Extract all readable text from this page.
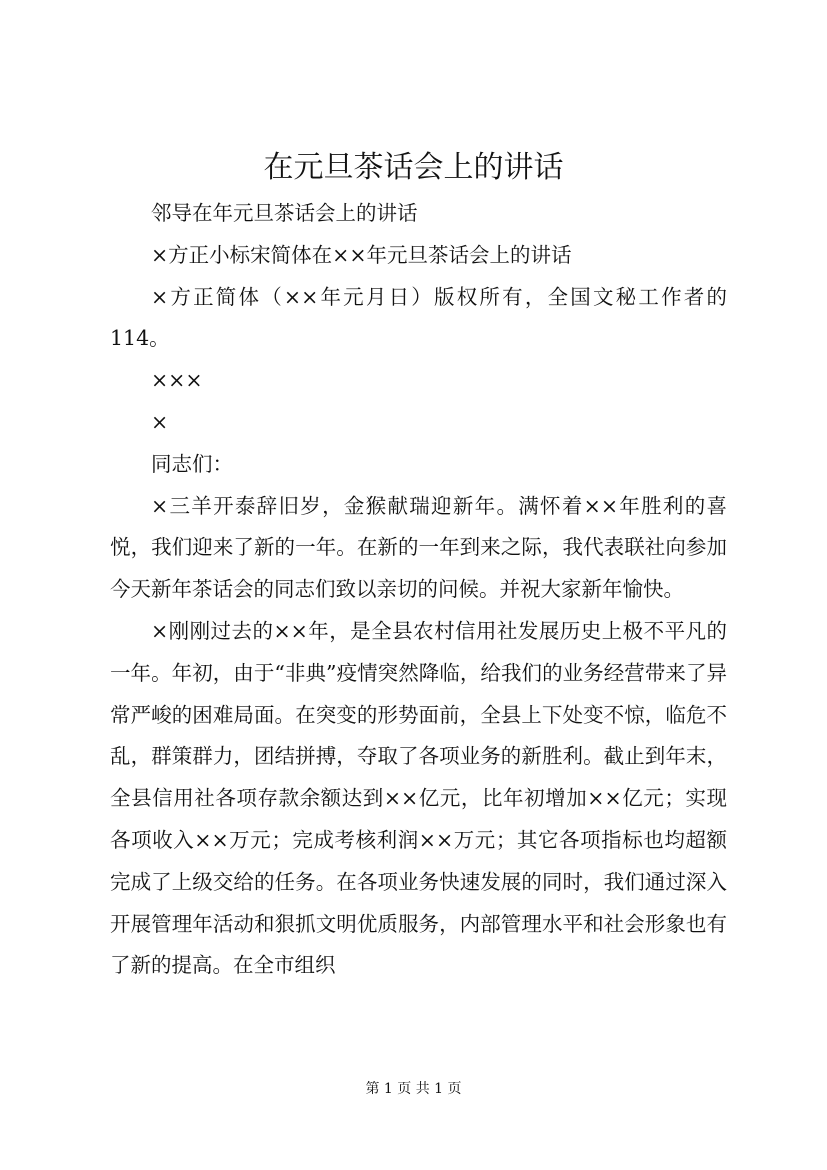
在元旦茶话会上的讲话

邻导在年元旦茶话会上的讲话

×方正小标宋简体在××年元旦茶话会上的讲话

×方正简体（××年元月日）版权所有，全国文秘工作者的114。

×××

×

同志们：

×三羊开泰辞旧岁，金猴献瑞迎新年。满怀着××年胜利的喜悦，我们迎来了新的一年。在新的一年到来之际，我代表联社向参加今天新年茶话会的同志们致以亲切的问候。并祝大家新年愉快。

×刚刚过去的××年，是全县农村信用社发展历史上极不平凡的一年。年初，由于“非典”疫情突然降临，给我们的业务经营带来了异常严峻的困难局面。在突变的形势面前，全县上下处变不惊，临危不乱，群策群力，团结拼搏，夺取了各项业务的新胜利。截止到年末，全县信用社各项存款余额达到××亿元，比年初增加××亿元；实现各项收入××万元；完成考核利润××万元；其它各项指标也均超额完成了上级交给的任务。在各项业务快速发展的同时，我们通过深入开展管理年活动和狠抓文明优质服务，内部管理水平和社会形象也有了新的提高。在全市组织

第 1 页 共 1 页
